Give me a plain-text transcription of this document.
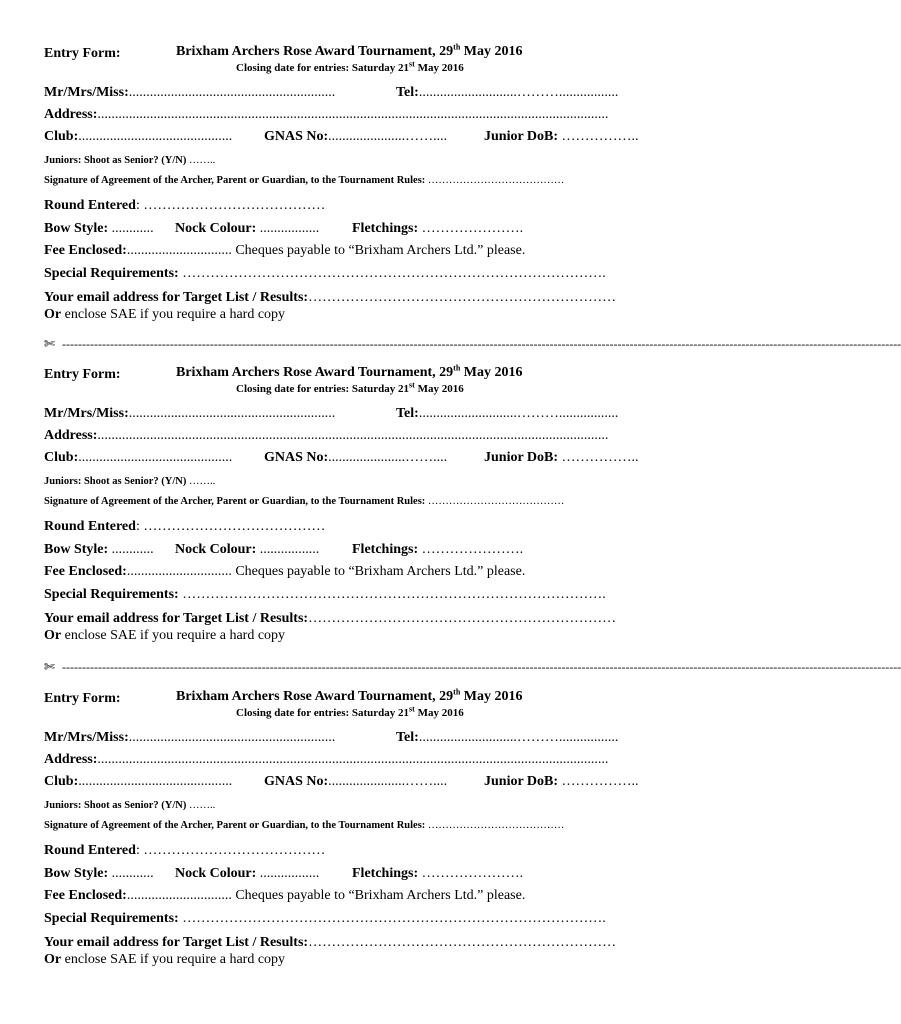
Entry Form:	Brixham Archers Rose Award Tournament, 29th May 2016
Closing date for entries: Saturday 21st May 2016
Mr/Mrs/Miss:...........................................................	Tel:............................……….................
Address:..................................................................................................................................................
Club:............................................ GNAS No:......................……....	Junior DoB: ……………..
Juniors: Shoot as Senior? (Y/N) ……..
Signature of Agreement of the Archer, Parent or Guardian, to the Tournament Rules: …………………………………
Round Entered: …………………………………
Bow Style: ............ Nock Colour: ................. Fletchings: ………………….
Fee Enclosed:.............................. Cheques payable to “Brixham Archers Ltd.” please.
Special Requirements: ……………………………………………………………………………….
Your email address for Target List / Results:…………………………………………………………
Or enclose SAE if you require a hard copy
✄ ------------------------------------------------------------------------------------------------------------------------------------------------------------------------------------------------------------------
Entry Form:	Brixham Archers Rose Award Tournament, 29th May 2016
Closing date for entries: Saturday 21st May 2016
Mr/Mrs/Miss:...........................................................	Tel:............................……….................
Address:..................................................................................................................................................
Club:............................................ GNAS No:......................……....	Junior DoB: ……………..
Juniors: Shoot as Senior? (Y/N) ……..
Signature of Agreement of the Archer, Parent or Guardian, to the Tournament Rules: …………………………………
Round Entered: …………………………………
Bow Style: ............ Nock Colour: ................. Fletchings: ………………….
Fee Enclosed:.............................. Cheques payable to “Brixham Archers Ltd.” please.
Special Requirements: ……………………………………………………………………………….
Your email address for Target List / Results:…………………………………………………………
Or enclose SAE if you require a hard copy
✄ ------------------------------------------------------------------------------------------------------------------------------------------------------------------------------------------------------------------
Entry Form:	Brixham Archers Rose Award Tournament, 29th May 2016
Closing date for entries: Saturday 21st May 2016
Mr/Mrs/Miss:...........................................................	Tel:............................……….................
Address:..................................................................................................................................................
Club:............................................ GNAS No:......................……....	Junior DoB: ……………..
Juniors: Shoot as Senior? (Y/N) ……..
Signature of Agreement of the Archer, Parent or Guardian, to the Tournament Rules: …………………………………
Round Entered: …………………………………
Bow Style: ............ Nock Colour: ................. Fletchings: ………………….
Fee Enclosed:.............................. Cheques payable to “Brixham Archers Ltd.” please.
Special Requirements: ……………………………………………………………………………….
Your email address for Target List / Results:…………………………………………………………
Or enclose SAE if you require a hard copy
